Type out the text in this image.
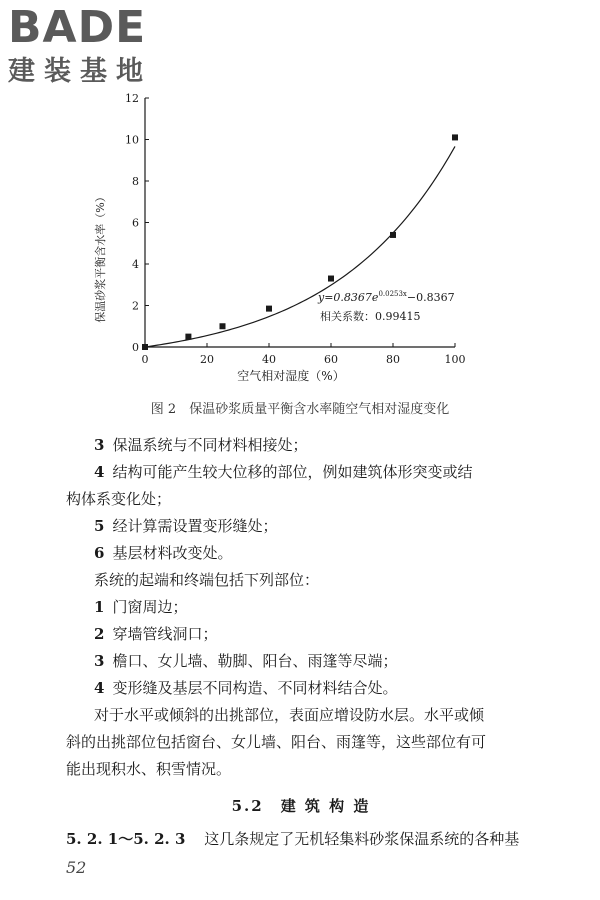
BADE
建装基地
0	20	40	60	80	100
0
2
4
6
8
10
12
保温砂浆平衡含水率（%）
空气相对湿度（%）
$y=0.8367e^{0.0253x}-0.8367$
相关系数：0.99415
图 2　保温砂浆质量平衡含水率随空气相对湿度变化
3 保温系统与不同材料相接处；
4 结构可能产生较大位移的部位，例如建筑体形突变或结
构体系变化处；
5 经计算需设置变形缝处；
6 基层材料改变处。
系统的起端和终端包括下列部位：
1 门窗周边；
2 穿墙管线洞口；
3 檐口、女儿墙、勒脚、阳台、雨篷等尽端；
4 变形缝及基层不同构造、不同材料结合处。
对于水平或倾斜的出挑部位，表面应增设防水层。水平或倾
斜的出挑部位包括窗台、女儿墙、阳台、雨篷等，这些部位有可
能出现积水、积雪情况。
5.2　建 筑 构 造
5. 2. 1～5. 2. 3 这几条规定了无机轻集料砂浆保温系统的各种基
52
